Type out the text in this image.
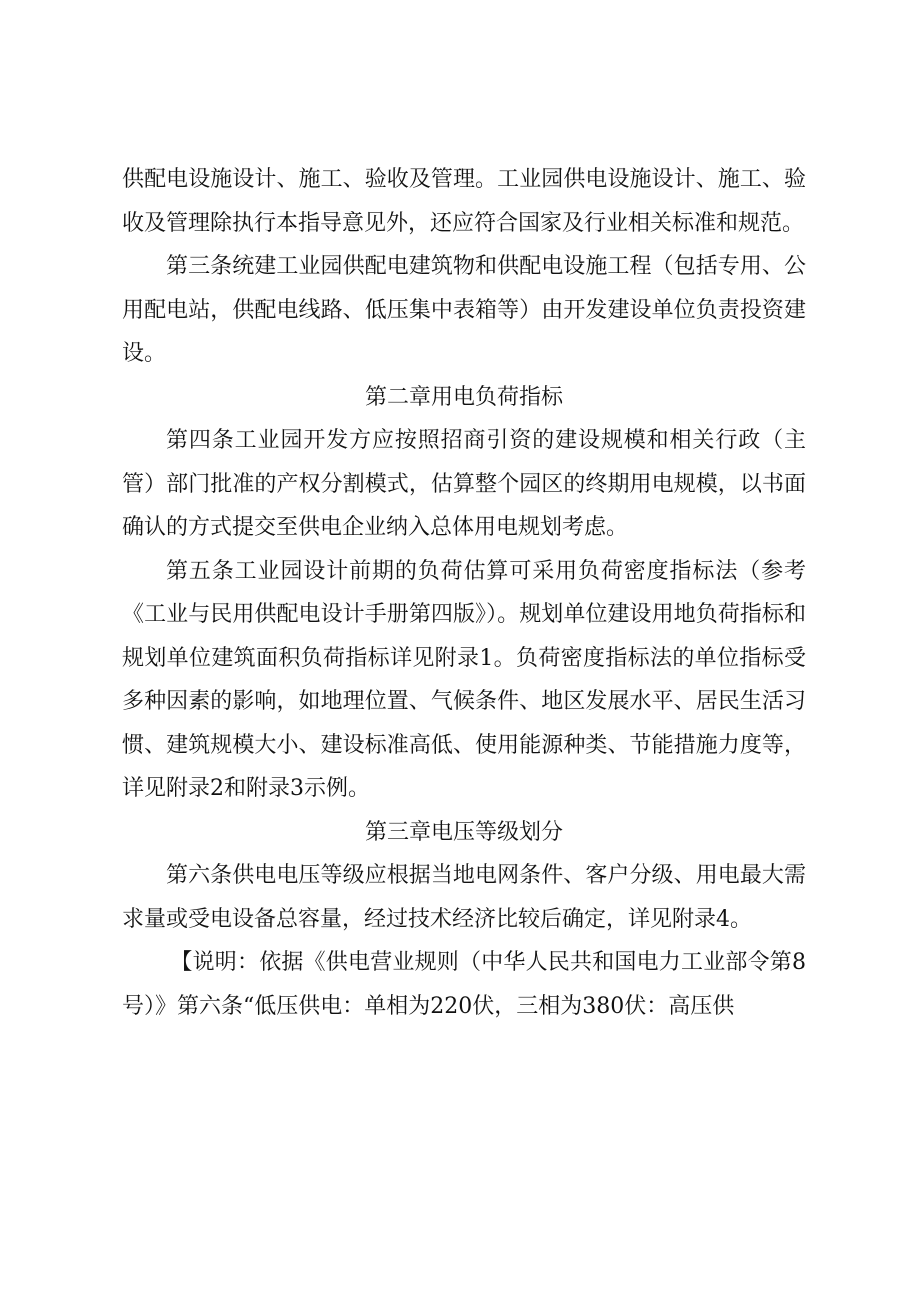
供配电设施设计、施工、验收及管理。工业园供电设施设计、施工、验收及管理除执行本指导意见外，还应符合国家及行业相关标准和规范。

第三条统建工业园供配电建筑物和供配电设施工程（包括专用、公用配电站，供配电线路、低压集中表箱等）由开发建设单位负责投资建设。

第二章用电负荷指标

第四条工业园开发方应按照招商引资的建设规模和相关行政（主管）部门批准的产权分割模式，估算整个园区的终期用电规模，以书面确认的方式提交至供电企业纳入总体用电规划考虑。

第五条工业园设计前期的负荷估算可采用负荷密度指标法（参考《工业与民用供配电设计手册第四版》）。规划单位建设用地负荷指标和规划单位建筑面积负荷指标详见附录1。负荷密度指标法的单位指标受多种因素的影响，如地理位置、气候条件、地区发展水平、居民生活习惯、建筑规模大小、建设标准高低、使用能源种类、节能措施力度等，详见附录2和附录3示例。

第三章电压等级划分

第六条供电电压等级应根据当地电网条件、客户分级、用电最大需求量或受电设备总容量，经过技术经济比较后确定，详见附录4。

【说明：依据《供电营业规则（中华人民共和国电力工业部令第8号）》第六条“低压供电：单相为220伏，三相为380伏：高压供
